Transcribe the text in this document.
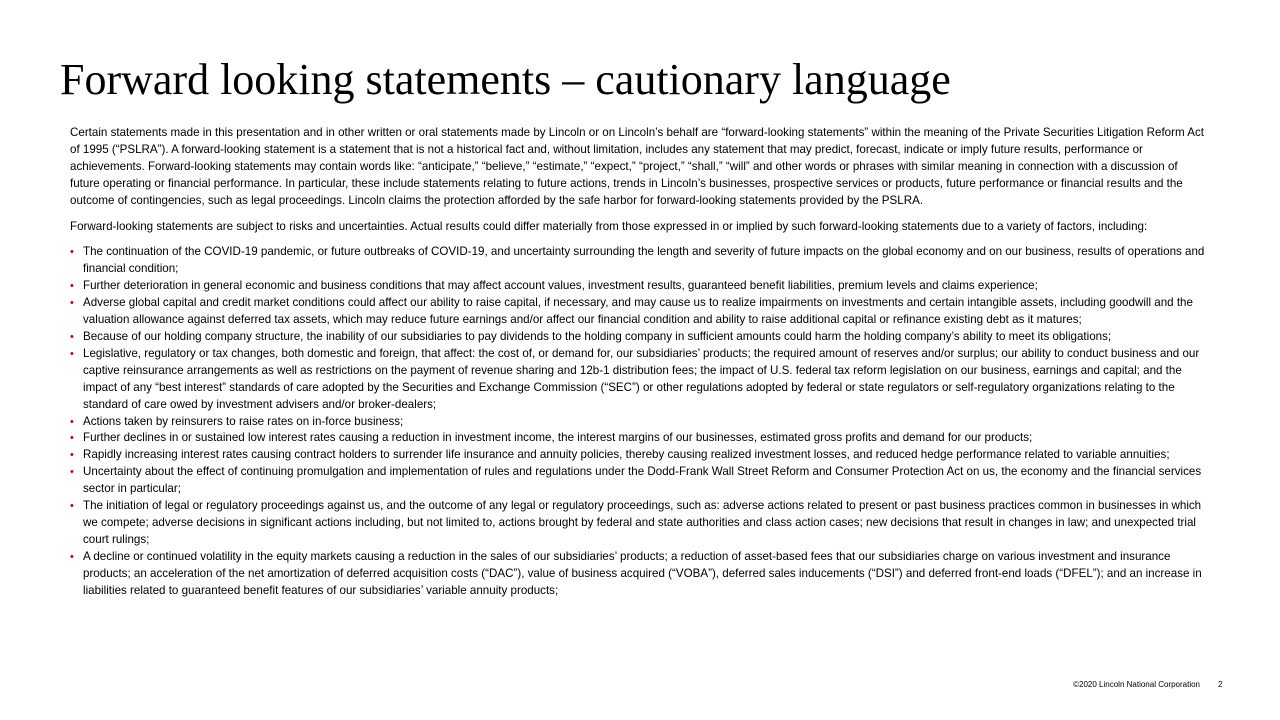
Forward looking statements – cautionary language

Certain statements made in this presentation and in other written or oral statements made by Lincoln or on Lincoln’s behalf are “forward-looking statements” within the meaning of the Private Securities Litigation Reform Act of 1995 (“PSLRA”). A forward-looking statement is a statement that is not a historical fact and, without limitation, includes any statement that may predict, forecast, indicate or imply future results, performance or achievements. Forward-looking statements may contain words like: “anticipate,” “believe,” “estimate,” “expect,” “project,” “shall,” “will” and other words or phrases with similar meaning in connection with a discussion of future operating or financial performance. In particular, these include statements relating to future actions, trends in Lincoln’s businesses, prospective services or products, future performance or financial results and the outcome of contingencies, such as legal proceedings. Lincoln claims the protection afforded by the safe harbor for forward-looking statements provided by the PSLRA.

Forward-looking statements are subject to risks and uncertainties. Actual results could differ materially from those expressed in or implied by such forward-looking statements due to a variety of factors, including:

• The continuation of the COVID-19 pandemic, or future outbreaks of COVID-19, and uncertainty surrounding the length and severity of future impacts on the global economy and on our business, results of operations and financial condition;
• Further deterioration in general economic and business conditions that may affect account values, investment results, guaranteed benefit liabilities, premium levels and claims experience;
• Adverse global capital and credit market conditions could affect our ability to raise capital, if necessary, and may cause us to realize impairments on investments and certain intangible assets, including goodwill and the valuation allowance against deferred tax assets, which may reduce future earnings and/or affect our financial condition and ability to raise additional capital or refinance existing debt as it matures;
• Because of our holding company structure, the inability of our subsidiaries to pay dividends to the holding company in sufficient amounts could harm the holding company’s ability to meet its obligations;
• Legislative, regulatory or tax changes, both domestic and foreign, that affect: the cost of, or demand for, our subsidiaries’ products; the required amount of reserves and/or surplus; our ability to conduct business and our captive reinsurance arrangements as well as restrictions on the payment of revenue sharing and 12b-1 distribution fees; the impact of U.S. federal tax reform legislation on our business, earnings and capital; and the impact of any “best interest” standards of care adopted by the Securities and Exchange Commission (“SEC”) or other regulations adopted by federal or state regulators or self-regulatory organizations relating to the standard of care owed by investment advisers and/or broker-dealers;
• Actions taken by reinsurers to raise rates on in-force business;
• Further declines in or sustained low interest rates causing a reduction in investment income, the interest margins of our businesses, estimated gross profits and demand for our products;
• Rapidly increasing interest rates causing contract holders to surrender life insurance and annuity policies, thereby causing realized investment losses, and reduced hedge performance related to variable annuities;
• Uncertainty about the effect of continuing promulgation and implementation of rules and regulations under the Dodd-Frank Wall Street Reform and Consumer Protection Act on us, the economy and the financial services sector in particular;
• The initiation of legal or regulatory proceedings against us, and the outcome of any legal or regulatory proceedings, such as: adverse actions related to present or past business practices common in businesses in which we compete; adverse decisions in significant actions including, but not limited to, actions brought by federal and state authorities and class action cases; new decisions that result in changes in law; and unexpected trial court rulings;
• A decline or continued volatility in the equity markets causing a reduction in the sales of our subsidiaries’ products; a reduction of asset-based fees that our subsidiaries charge on various investment and insurance products; an acceleration of the net amortization of deferred acquisition costs (“DAC”), value of business acquired (“VOBA”), deferred sales inducements (“DSI”) and deferred front-end loads (“DFEL”); and an increase in liabilities related to guaranteed benefit features of our subsidiaries’ variable annuity products;
©2020 Lincoln National Corporation 2
